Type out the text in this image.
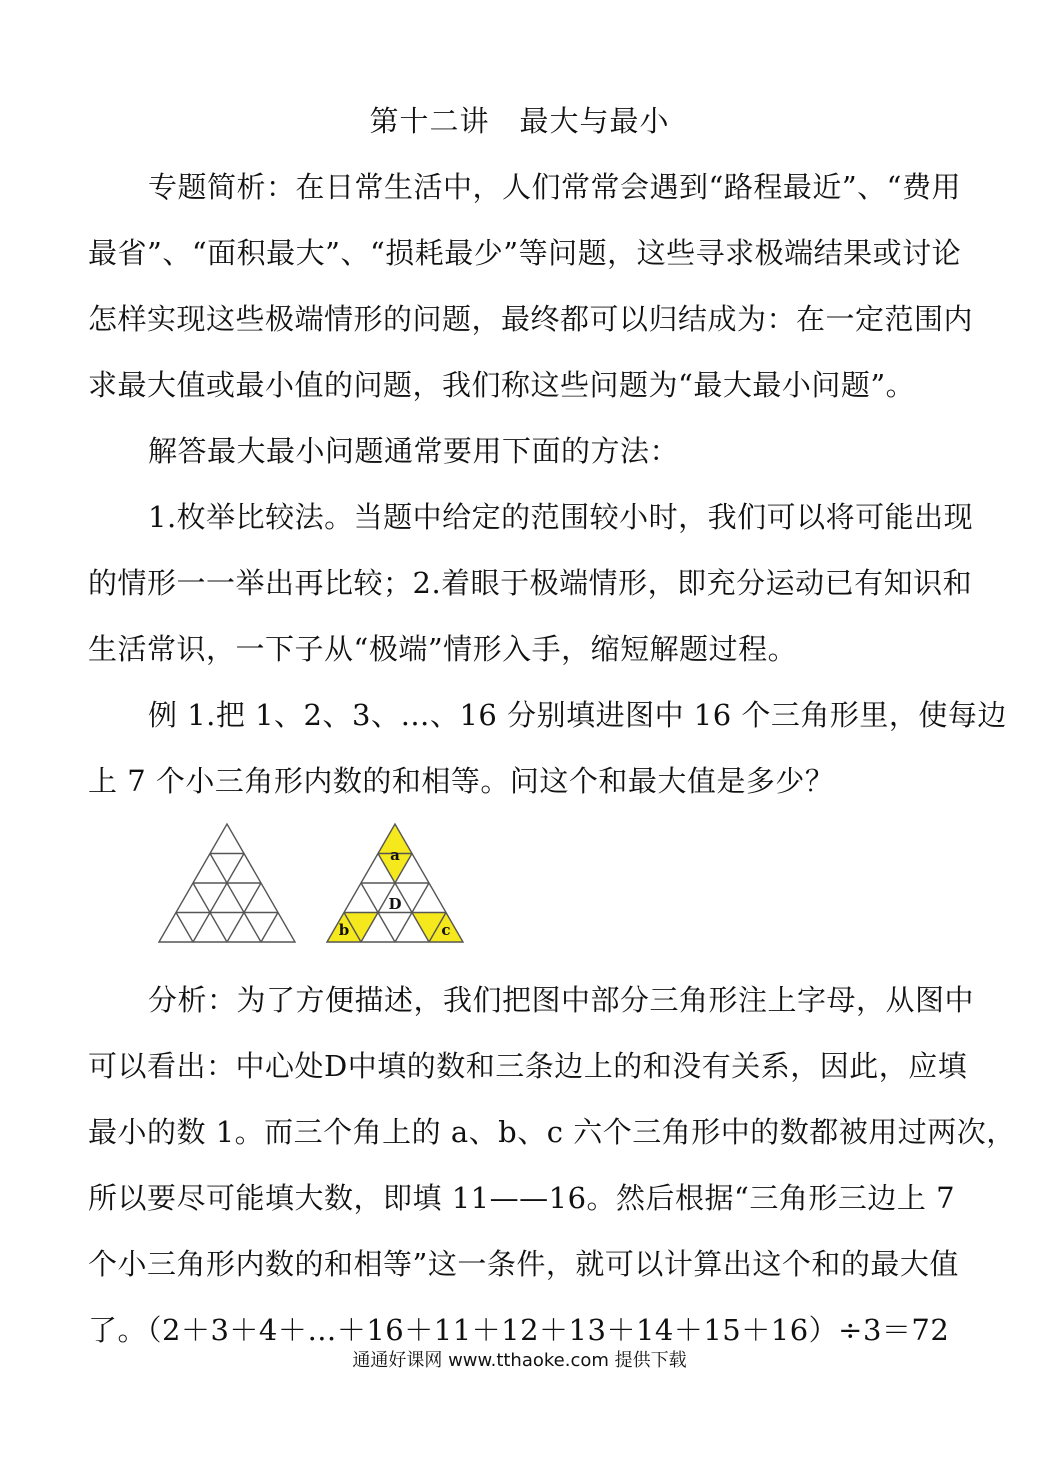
第十二讲　最大与最小
专题简析：在日常生活中，人们常常会遇到“路程最近”、“费用
最省”、“面积最大”、“损耗最少”等问题，这些寻求极端结果或讨论
怎样实现这些极端情形的问题，最终都可以归结成为：在一定范围内
求最大值或最小值的问题，我们称这些问题为“最大最小问题”。
解答最大最小问题通常要用下面的方法：
1.枚举比较法。当题中给定的范围较小时，我们可以将可能出现
的情形一一举出再比较；2.着眼于极端情形，即充分运动已有知识和
生活常识，一下子从“极端”情形入手，缩短解题过程。
例 1.把 1、2、3、…、16 分别填进图中 16 个三角形里，使每边
上 7 个小三角形内数的和相等。问这个和最大值是多少？
a
D
b	c
分析：为了方便描述，我们把图中部分三角形注上字母，从图中
可以看出：中心处D中填的数和三条边上的和没有关系，因此，应填
最小的数 1。而三个角上的 a、b、c 六个三角形中的数都被用过两次，
所以要尽可能填大数，即填 11——16。然后根据“三角形三边上 7
个小三角形内数的和相等”这一条件，就可以计算出这个和的最大值
了。（2＋3＋4＋…＋16＋11＋12＋13＋14＋15＋16）÷3＝72
通通好课网 www.tthaoke.com 提供下载
